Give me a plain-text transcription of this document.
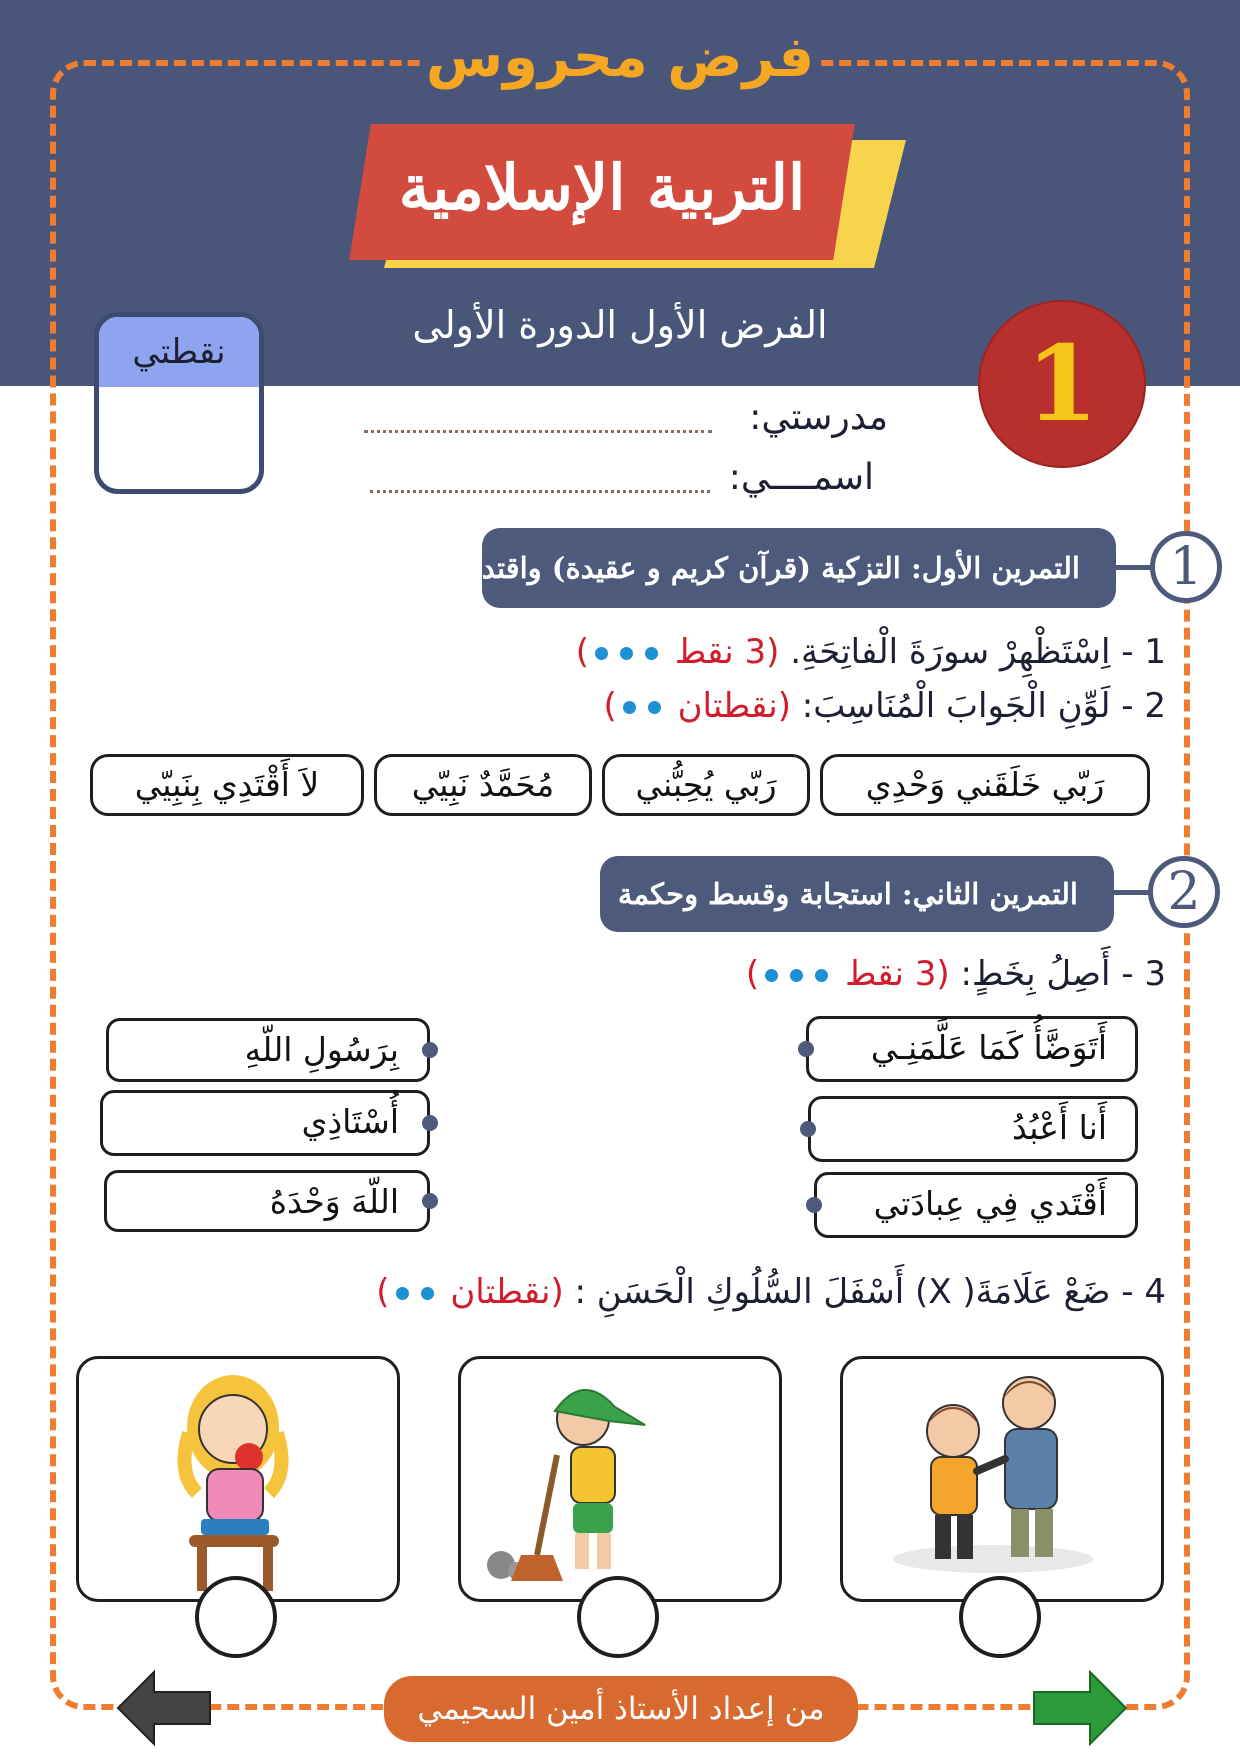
فرض محروس
التربية الإسلامية
الفرض الأول الدورة الأولى	1
نقطتي
مدرستي:
اسمــــي:
التمرين الأول: التزكية (قرآن كريم و عقيدة) واقتداء	1
1 - اِسْتَظْهِرْ سورَةَ الْفاتِحَةِ. (3 نقط )
2 - لَوِّنِ الْجَوابَ الْمُنَاسِبَ: (نقطتان )
رَبّي خَلَقَني وَحْدِي
رَبّي يُحِبُّني
مُحَمَّدٌ نَبِيّي
لاَ أَقْتَدِي بِنَبِيّي
التمرين الثاني: استجابة وقسط وحكمة	2
3 - أَصِلُ بِخَطٍ: (3 نقط )
أَتَوَضَّأُ كَمَا عَلَّمَنِـي
أَنا أَعْبُدُ
أَقْتَدي فِي عِبادَتي
بِرَسُولِ اللّهِ
أُسْتَاذِي
اللّهَ وَحْدَهُ
4 - ضَعْ عَلَامَةَ( X) أَسْفَلَ السُّلُوكِ الْحَسَنِ : (نقطتان )
من إعداد الأستاذ أمين السحيمي
